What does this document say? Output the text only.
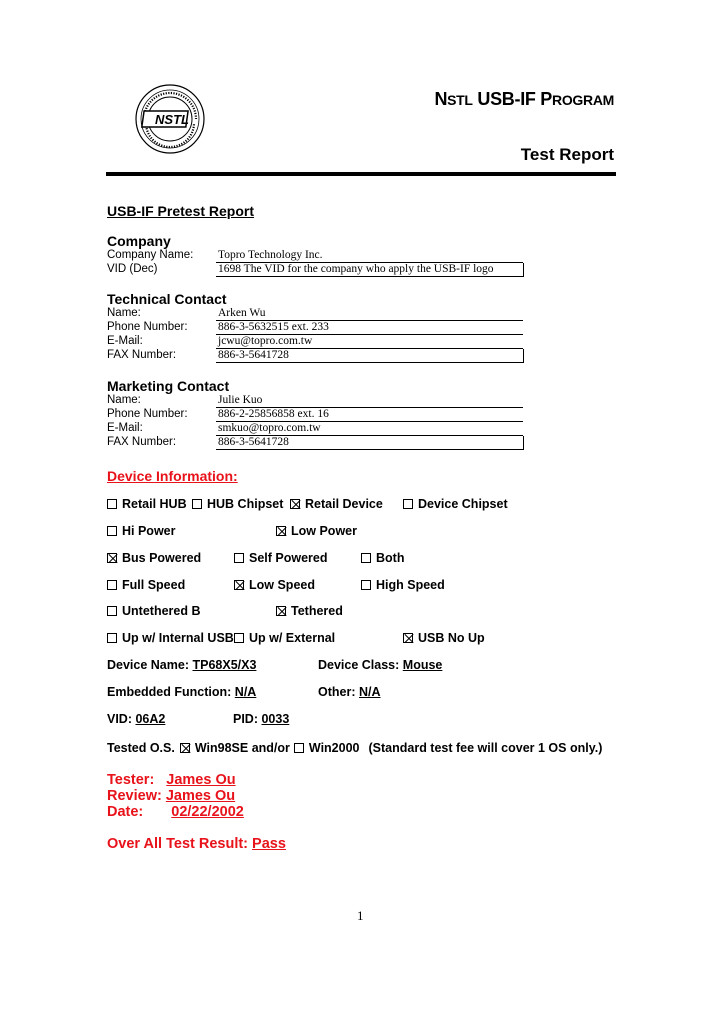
NSTL
NSTL USB-IF PROGRAM
Test Report
USB-IF Pretest Report
Company
Company Name: Topro Technology Inc.
VID (Dec)	1698 The VID for the company who apply the USB-IF logo
Technical Contact
Name:	Arken Wu
Phone Number:	886-3-5632515 ext. 233
E-Mail:	jcwu@topro.com.tw
FAX Number:	886-3-5641728
Marketing Contact
Name:	Julie Kuo
Phone Number:	886-2-25856858 ext. 16
E-Mail:	smkuo@topro.com.tw
FAX Number:	886-3-5641728
Device Information:
Retail HUB HUB Chipset Retail Device	Device Chipset
Hi Power	Low Power
Bus Powered	Self Powered	Both
Full Speed	Low Speed	High Speed
Untethered B	Tethered
Up w/ Internal USB Up w/ External	USB No Up
Device Name: TP68X5/X3	Device Class: Mouse
Embedded Function: N/A	Other: N/A
VID: 06A2	PID: 0033
Tested O.S. Win98SE and/or Win2000 (Standard test fee will cover 1 OS only.)
Tester: James Ou
Review: James Ou
Date: 02/22/2002
Over All Test Result: Pass
1
